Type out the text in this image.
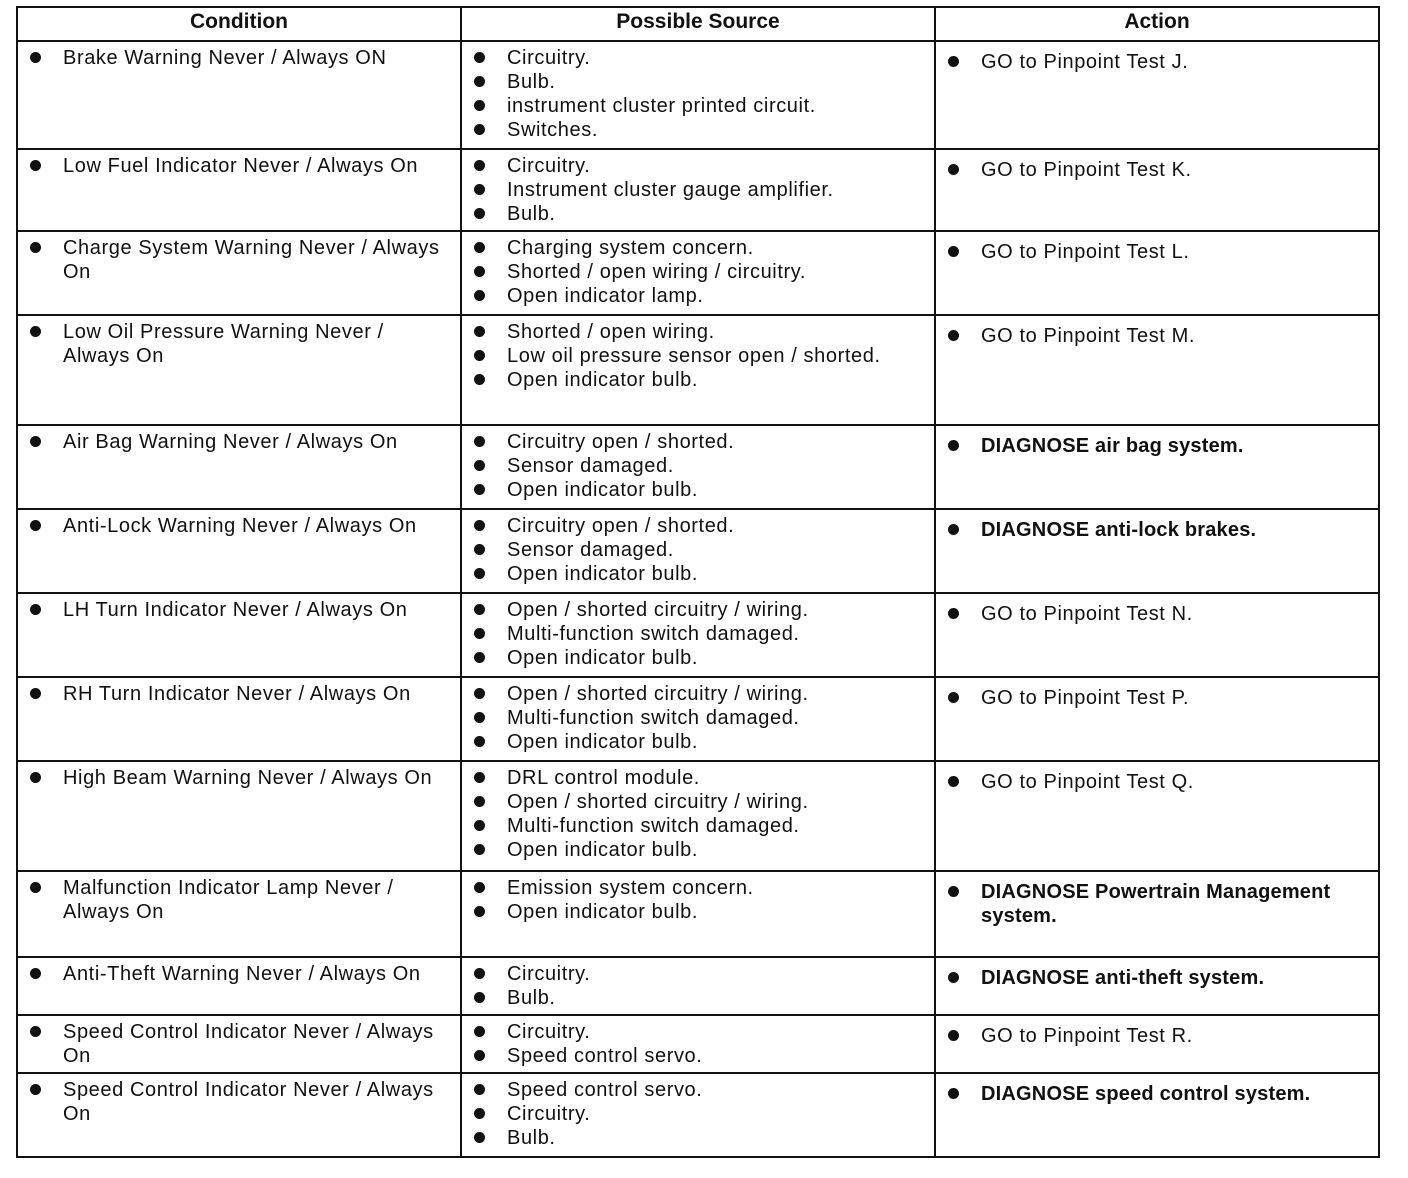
Condition	Possible Source	Action

Brake Warning Never / Always ON	Circuitry.
Bulb.
instrument cluster printed circuit.
Switches.	GO to Pinpoint Test J.

Low Fuel Indicator Never / Always On	Circuitry.
Instrument cluster gauge amplifier.
Bulb.	GO to Pinpoint Test K.

Charge System Warning Never / Always On	Charging system concern.
Shorted / open wiring / circuitry.
Open indicator lamp.	GO to Pinpoint Test L.

Low Oil Pressure Warning Never / Always On	Shorted / open wiring.
Low oil pressure sensor open / shorted.
Open indicator bulb.	GO to Pinpoint Test M.

Air Bag Warning Never / Always On	Circuitry open / shorted.
Sensor damaged.
Open indicator bulb.	DIAGNOSE air bag system.

Anti-Lock Warning Never / Always On	Circuitry open / shorted.
Sensor damaged.
Open indicator bulb.	DIAGNOSE anti-lock brakes.

LH Turn Indicator Never / Always On	Open / shorted circuitry / wiring.
Multi-function switch damaged.
Open indicator bulb.	GO to Pinpoint Test N.

RH Turn Indicator Never / Always On	Open / shorted circuitry / wiring.
Multi-function switch damaged.
Open indicator bulb.	GO to Pinpoint Test P.

High Beam Warning Never / Always On	DRL control module.
Open / shorted circuitry / wiring.
Multi-function switch damaged.
Open indicator bulb.	GO to Pinpoint Test Q.

Malfunction Indicator Lamp Never / Always On	Emission system concern.
Open indicator bulb.	DIAGNOSE Powertrain Management system.

Anti-Theft Warning Never / Always On	Circuitry.
Bulb.	DIAGNOSE anti-theft system.

Speed Control Indicator Never / Always On	Circuitry.
Speed control servo.	GO to Pinpoint Test R.

Speed Control Indicator Never / Always On	Speed control servo.
Circuitry.
Bulb.	DIAGNOSE speed control system.
